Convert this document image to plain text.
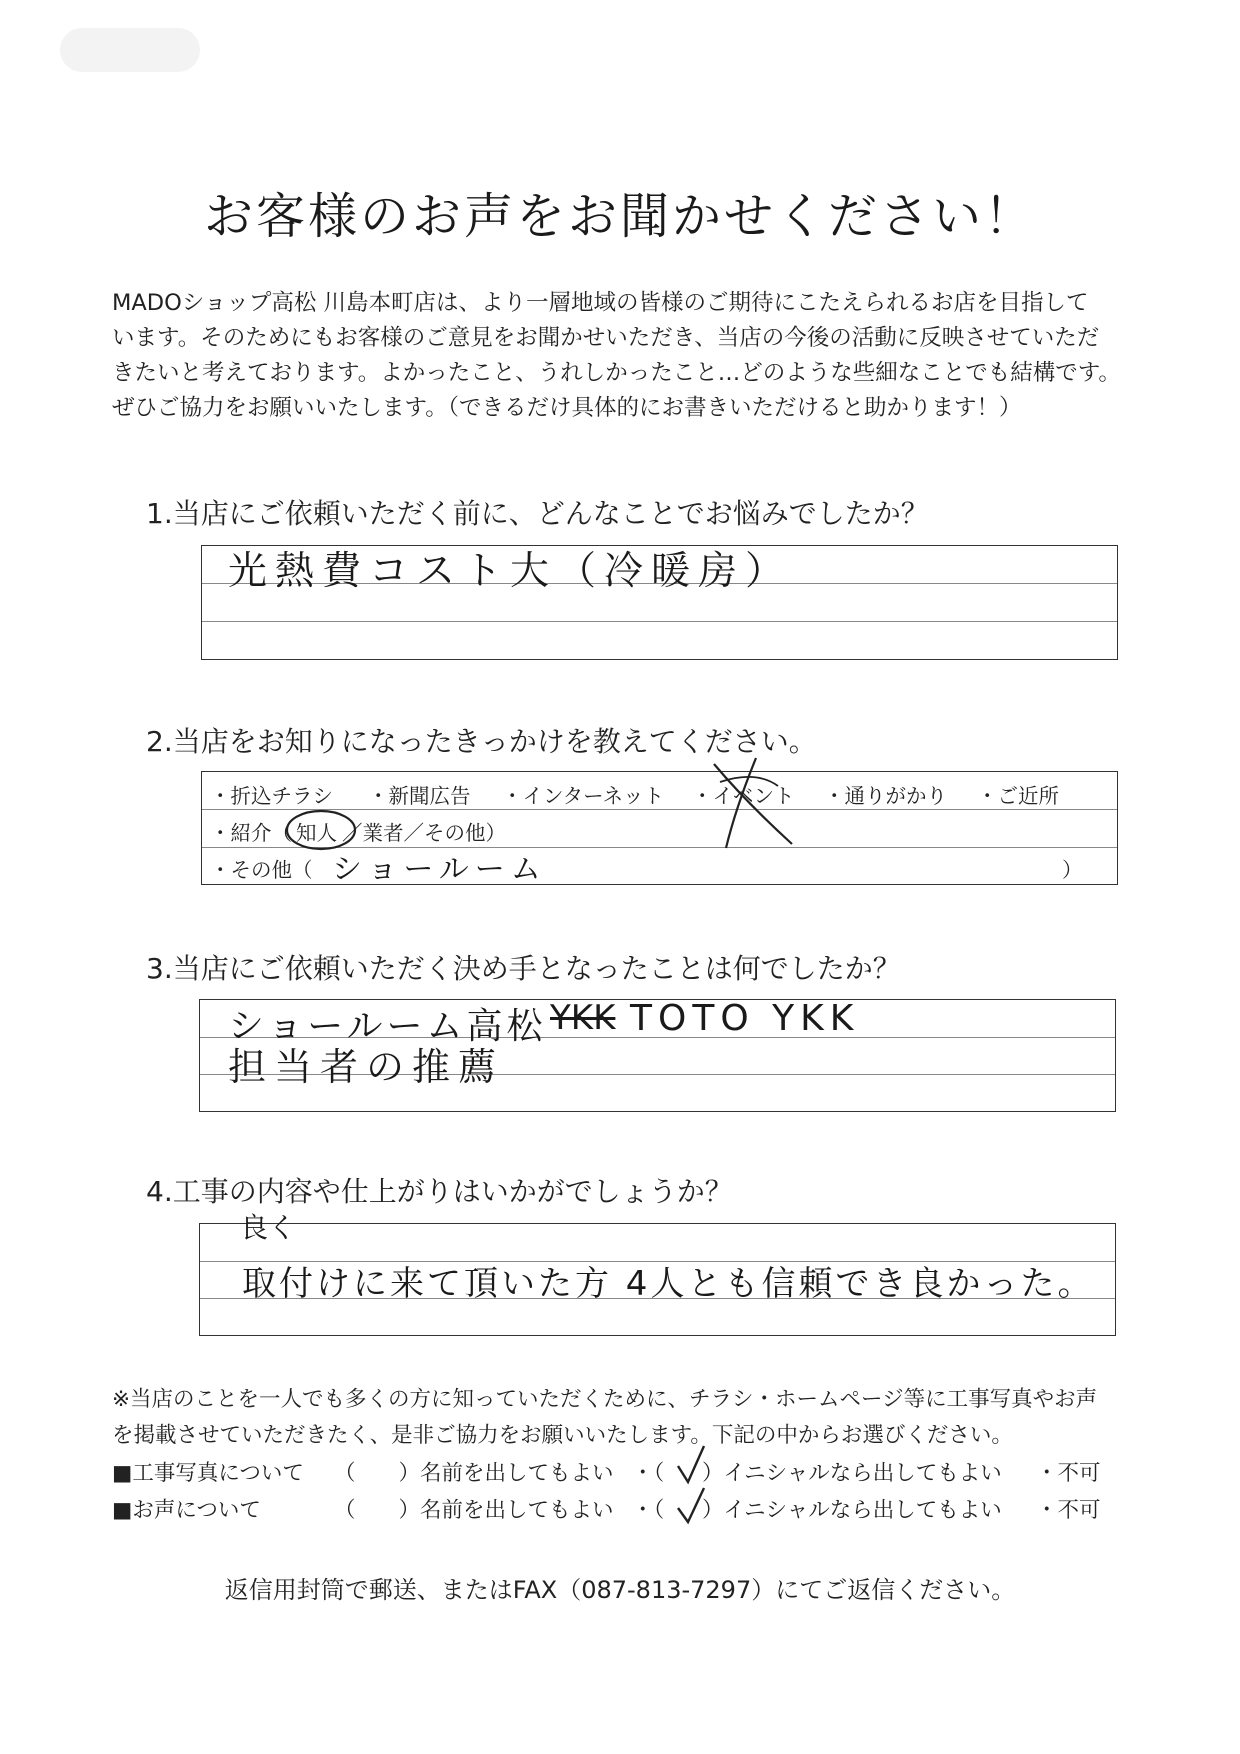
お客様のお声をお聞かせください！
MADOショップ高松 川島本町店は、より一層地域の皆様のご期待にこたえられるお店を目指して
います。そのためにもお客様のご意見をお聞かせいただき、当店の今後の活動に反映させていただ
きたいと考えております。よかったこと、うれしかったこと…どのような些細なことでも結構です。
ぜひご協力をお願いいたします。（できるだけ具体的にお書きいただけると助かります！）
1.当店にご依頼いただく前に、どんなことでお悩みでしたか？
光熱費コスト大（冷暖房）
2.当店をお知りになったきっかけを教えてください。
・折込チラシ ・新聞広告 ・インターネット ・イベント ・通りがかり ・ご近所
・紹介（ 知人 ／業者／その他）
・その他（ ショールーム	）
3.当店にご依頼いただく決め手となったことは何でしたか？
ショールーム高松 YKK TOTO YKK
担当者の推薦
4.工事の内容や仕上がりはいかがでしょうか？
良く
取付けに来て頂いた方 4人とも信頼でき良かった。
※当店のことを一人でも多くの方に知っていただくために、チラシ・ホームページ等に工事写真やお声
を掲載させていただきたく、是非ご協力をお願いいたします。下記の中からお選びください。
■工事写真について （　　）名前を出してもよい ・（ ）イニシャルなら出してもよい ・不可
■お声について	（　　）名前を出してもよい ・（ ）イニシャルなら出してもよい ・不可
返信用封筒で郵送、またはFAX（087-813-7297）にてご返信ください。
